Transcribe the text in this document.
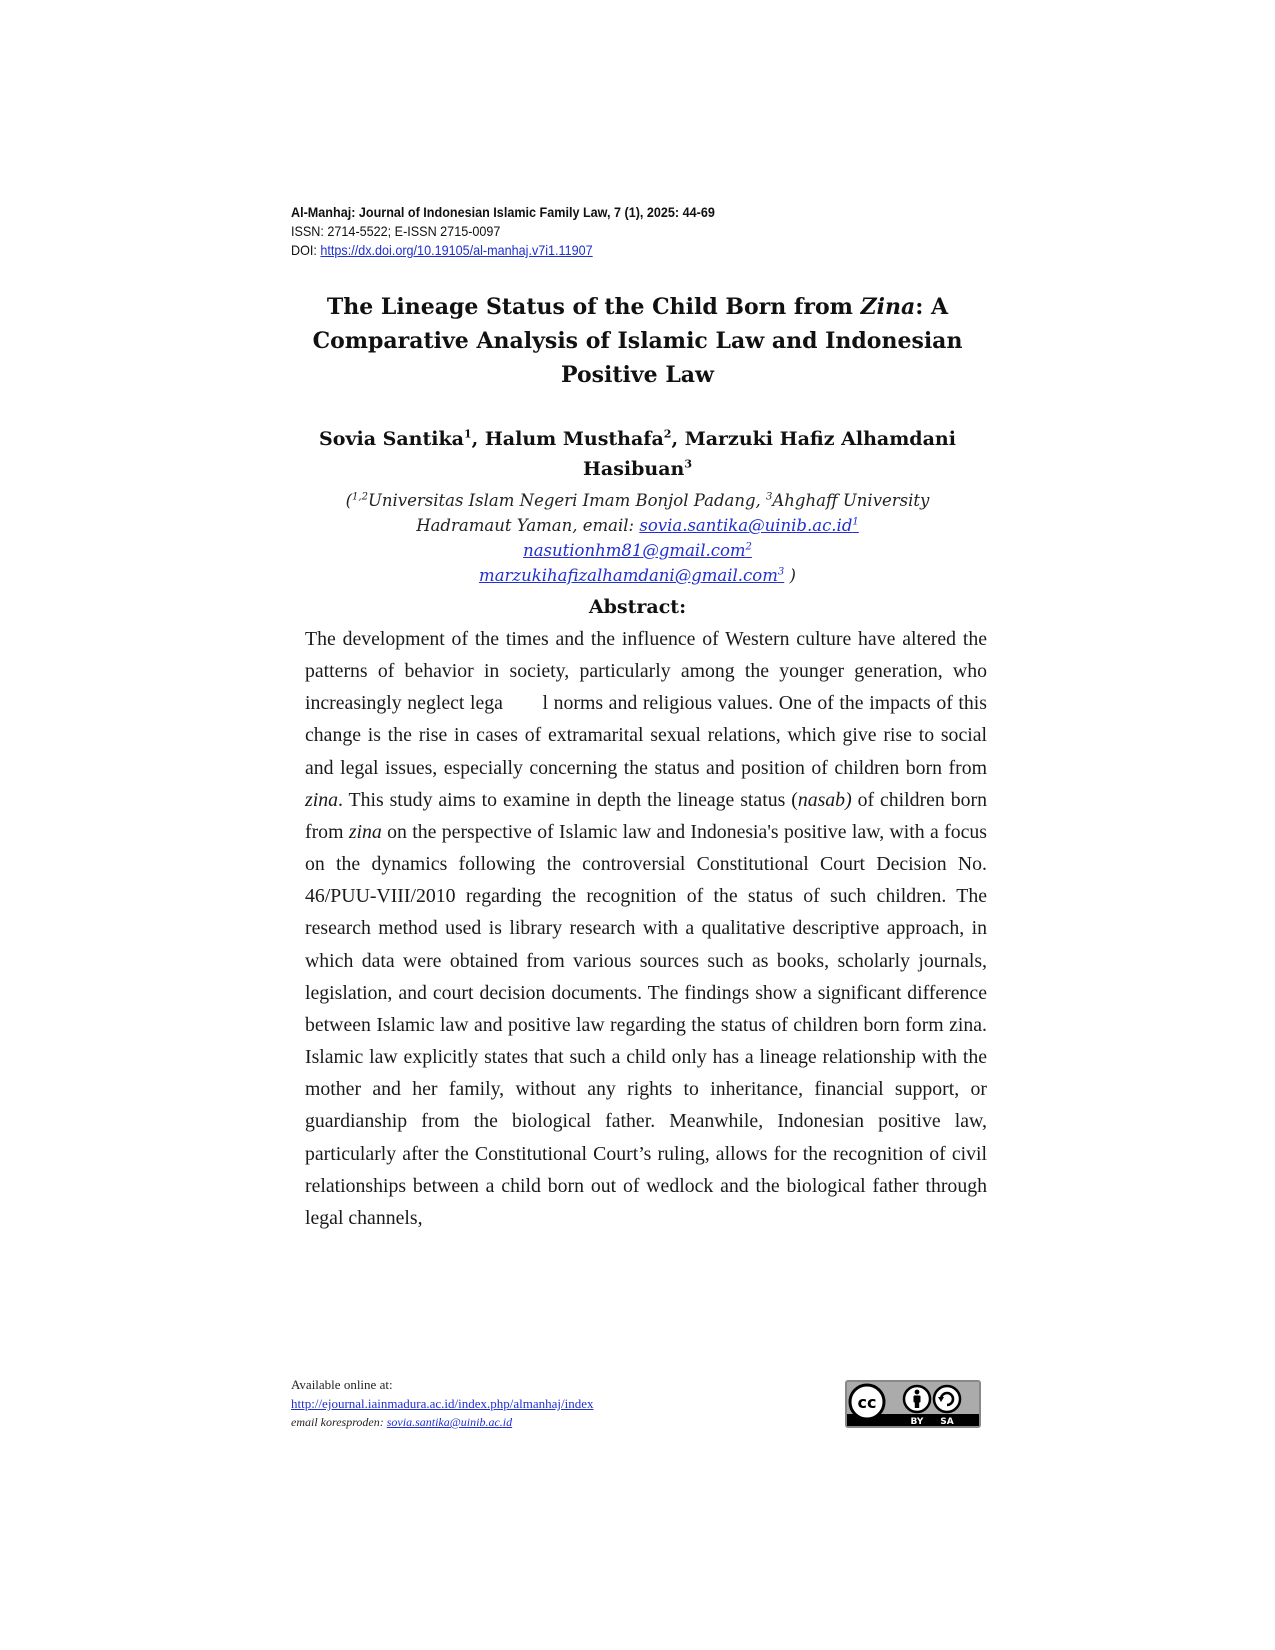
Al-Manhaj: Journal of Indonesian Islamic Family Law, 7 (1), 2025: 44-69
ISSN: 2714-5522; E-ISSN 2715-0097
DOI: https://dx.doi.org/10.19105/al-manhaj.v7i1.11907
The Lineage Status of the Child Born from Zina: A Comparative Analysis of Islamic Law and Indonesian Positive Law
Sovia Santika$^1$, Halum Musthafa$^2$, Marzuki Hafiz Alhamdani Hasibuan$^3$
($^{1,2}$Universitas Islam Negeri Imam Bonjol Padang, $^3$Ahghaff University Hadramaut Yaman, email: sovia.santika@uinib.ac.id$^1$ nasutionhm81@gmail.com$^2$
marzukihafizalhamdani@gmail.com$^3$ )
Abstract:

The development of the times and the influence of Western culture have altered the patterns of behavior in society, particularly among the younger generation, who increasingly neglect lega  l norms and religious values. One of the impacts of this change is the rise in cases of extramarital sexual relations, which give rise to social and legal issues, especially concerning the status and position of children born from zina. This study aims to examine in depth the lineage status (nasab) of children born from zina on the perspective of Islamic law and Indonesia's positive law, with a focus on the dynamics following the controversial Constitutional Court Decision No. 46/PUU-VIII/2010 regarding the recognition of the status of such children. The research method used is library research with a qualitative descriptive approach, in which data were obtained from various sources such as books, scholarly journals, legislation, and court decision documents. The findings show a significant difference between Islamic law and positive law regarding the status of children born form zina. Islamic law explicitly states that such a child only has a lineage relationship with the mother and her family, without any rights to inheritance, financial support, or guardianship from the biological father. Meanwhile, Indonesian positive law, particularly after the Constitutional Court’s ruling, allows for the recognition of civil relationships between a child born out of wedlock and the biological father through legal channels,

Available online at:
http://ejournal.iainmadura.ac.id/index.php/almanhaj/index
email koresproden: sovia.santika@uinib.ac.id
cc
BY SA
